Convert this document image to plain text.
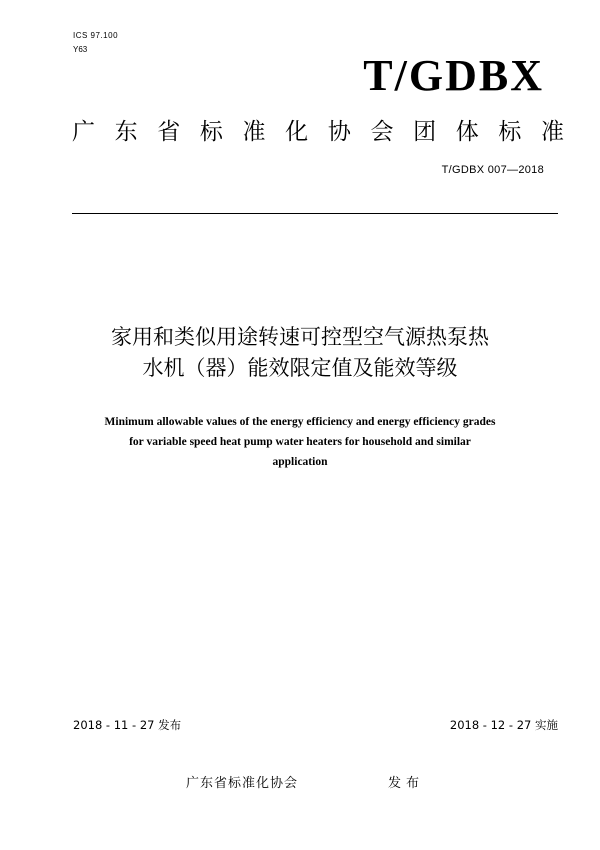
ICS 97.100
Y63
T/GDBX
广东省标准化协会团体标准
T/GDBX 007—2018
家用和类似用途转速可控型空气源热泵热
水机（器）能效限定值及能效等级
Minimum allowable values of the energy efficiency and energy efficiency grades
for variable speed heat pump water heaters for household and similar
application
2018 - 11 - 27 发布	2018 - 12 - 27 实施
广东省标准化协会	发布
